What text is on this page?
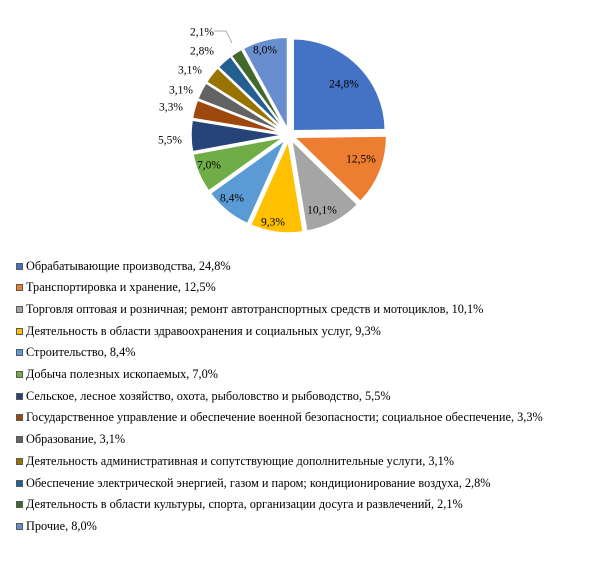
24,8%
12,5%
10,1%
9,3%
8,4%
7,0%
5,5%
3,3%
3,1%
3,1%
2,8%
2,1%
8,0%
Обрабатывающие производства, 24,8%
Транспортировка и хранение, 12,5%
Торговля оптовая и розничная; ремонт автотранспортных средств и мотоциклов, 10,1%
Деятельность в области здравоохранения и социальных услуг, 9,3%
Строительство, 8,4%
Добыча полезных ископаемых, 7,0%
Сельское, лесное хозяйство, охота, рыболовство и рыбоводство, 5,5%
Государственное управление и обеспечение военной безопасности; социальное обеспечение, 3,3%
Образование, 3,1%
Деятельность административная и сопутствующие дополнительные услуги, 3,1%
Обеспечение электрической энергией, газом и паром; кондиционирование воздуха, 2,8%
Деятельность в области культуры, спорта, организации досуга и развлечений, 2,1%
Прочие, 8,0%
